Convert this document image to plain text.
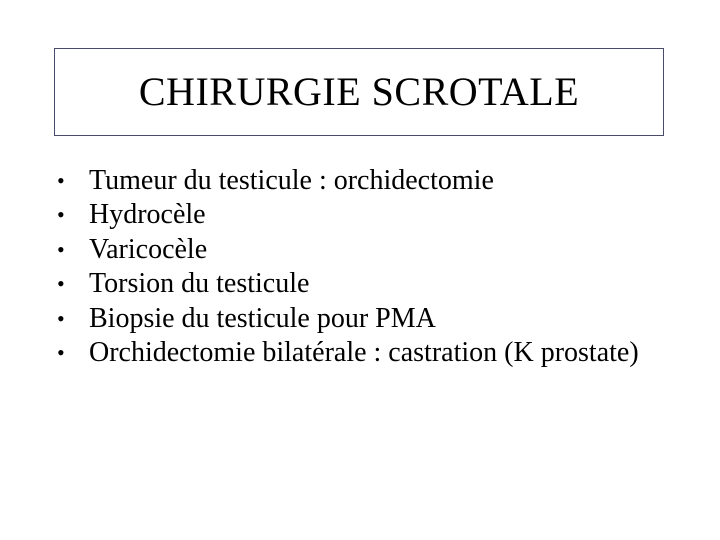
CHIRURGIE SCROTALE
• Tumeur du testicule : orchidectomie
• Hydrocèle
• Varicocèle
• Torsion du testicule
• Biopsie du testicule pour PMA
• Orchidectomie bilatérale : castration (K prostate)
